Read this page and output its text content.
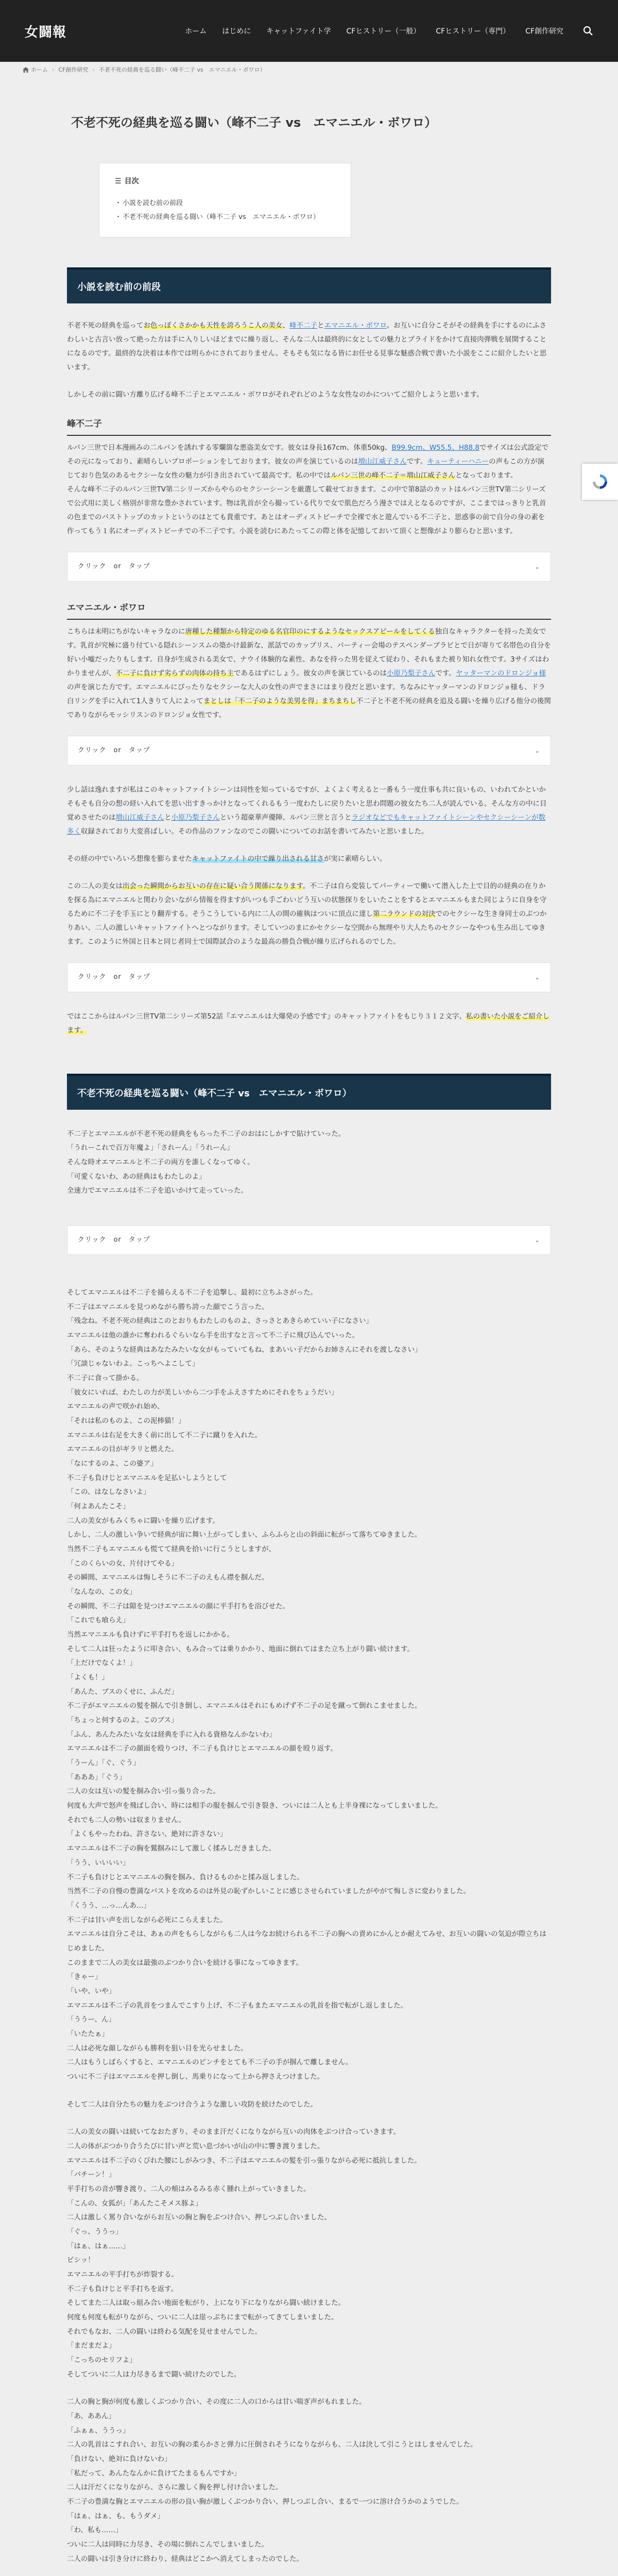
女闘報	ホーム はじめに キャットファイト学 CFヒストリー（一般） CFヒストリー（専門） CF創作研究
ホーム › CF創作研究 › 不老不死の経典を巡る闘い（峰不二子 vs　エマニエル・ボワロ）
不老不死の経典を巡る闘い（峰不二子 vs　エマニエル・ボワロ）
☰ 目次
・ 小説を読む前の前段
・ 不老不死の経典を巡る闘い（峰不二子 vs　エマニエル・ボワロ）
小説を読む前の前段

不老不死の経典を巡ってお色っぽくさかかも天性を誇ろうこ人の美女、峰不二子とエマニエル・ボワロ。お互いに自分こそがその経典を手にするのにふさわしいと古言い放って絶った方は手に入りしいほどまでに繰り返し、そんな二人は最終的に女としての魅力とプライドをかけて直接肉弾戦を展開することになるのです。最終的な決着は本作では明らかにされておりません。そもそも気になる皆にお任せる見事な魅惑合戦で書いた小説をここに紹介したいと思います。

しかしその前に闘い方離り広げる峰不二子とエマニエル・ボワロがそれぞれどのような女性なのかについてご紹介しようと思います。

峰不二子

ルパン三世で日本漫画みの二ルパンを誘れする零爛箇な悪盗美女です。彼女は身長167cm、体重50kg、B99.9cm、W55.5、H88.8でサイズは公式設定でその元になっており、素晴らしいプロポーションをしております。彼女の声を演じているのは増山江威子さんです。キューティーハニーの声もこの方が演じており色気のあるセクシーな女性の魅力が引き出されていて最高です。私の中ではルパン三世の峰不二子＝増山江威子さんとなっております。
そんな峰不二子のルパン三世TV第二シリーズからやらのセクシーシーンを厳選して載せておきます。この中で第8話のカットはルパン三世TV第二シリーズで公式用に美しく格別が非常な豊かされています。物は乳首が全ら撮っている代りで女で肌色だろう漫さではえとなるのですが、ここまではっきりと乳首の色までのバストトップのカットというのはとても貴重です。あとはオーディストビーチで全裸で水と遊んでいる不二子と、思惑事の前で自分の身の素を作ってもう１名にオーディストビーチでの不二子です。小説を読むにあたってこの際と体を記憶しておいて頂くと想像がより膨らむと思います。

クリック　or　タップ	⌄
エマニエル・ボワロ

こちらは未明にちがないキャラなのに唐種した種類から特定のゆる名官印のにするようなセックスアピールをしてくる独自なキャラクターを持った美女です。乳首が究極に盛り付ている隠れシーンスムの築かけ最新な、派話でのカップリス、パーティー会場のテスペンダーブラビとで日が寄りて名帯色の自分を好い小嘘だったりもします。自身が生成される美女で、ナウイ体験的な素性、あなを持った男を従えて従わり、それもまた被り知れ女性です。3サイズはわかりませんが、不二子に負けず劣らずの肉体の持ち主であるはずにしょう。彼女の声を演じているのは小原乃梨子さんです。ヤッターマンのドロンジョ様の声を演じた方です。エマニエルにぴったりなセクシーな大人の女性の声でまさにはまり役だと思います。ちなみにヤッターマンのドロンジョ様も、ドラ白リングを手に入れて1人きりて人によってまとしは「不二子のような美男を得」まちまちし不二子と不老不死の経典を追及る闘いを繰り広げる他分の後関でありながらモッシリスンのドロンジョ女性です。

クリック　or　タップ	⌄

少し話は逸れますが私はこのキャットファイトシーンは同性を知っているですが、よくよく考えると一番もう一度仕事も共に良いもの、いわれてかといかそもそも自分の想の経い入れてを思い出すきっかけとなってくれるもう一度わたしに戻りたいと思わ問題の彼女たち二人が読んでいる。そんな方の中に目覚めさせたのは増山江威子さんと小原乃梨子さんという超豪華声優陣、ルパン三世と言うとラジオなどでもキャットファイトシーンやセクシーシーンが数多く収録されており大変喜ばしい。その作品のファンなのでこの闘いについてのお話を書いてみたいと思いました。

その経の中でいろいろ想像を膨らませたキャットファイトの中で繰り出される甘さが実に素晴らしい。

この二人の美女は出会った瞬間からお互いの存在に疑い合う関係になります。不二子は自ら変装してパーティーで働いて潜入した上で目的の経典の在りかを探る為にエマニエルと関わり会いながら情報を得ますがいつも手ごわいどう互いの状態探りをしいたことをするとエマニエルもまた同じように自身を守るために不二子を手玉にとり翻弄する。そうこうしている内に二人の間の確執はついに頂点に達し第二ラウンドの対決でのセクシーな生き身同士のぶつかりあい、二人の激しいキャットファイトへとつながります。そしていつのまにかセクシーな空間から無理やり大人たちのセクシーなやつも生み出してゆきます。このように外国と日本と同じ者同士で国際試合のような最高の勝負合戦が繰り広げられるのでした。

クリック　or　タップ	⌄

ではここからはルパン三世TV第二シリーズ第52話『エマニエルは大爆発の予感です』のキャットファイトをもじり３１２文字、私の書いた小説をご紹介します。

不老不死の経典を巡る闘い（峰不二子 vs　エマニエル・ボワロ）

不二子とエマニエルが不老不死の経典をもらった不二子のおはにしかすで貼けていった。

「うれーこれで百万年魔よ」「されーん」「うれーん」

そんな時オエマニエルと不二子の両方を誰しくなってゆく。

「可愛くないわ、あの経典はもわたしのよ」

全速力でエマニエルは不二子を追いかけて走っていった。

クリック　or　タップ	⌄

そしてエマニエルは不二子を捕らえる不二子を追撃し、最初に立ちふさがった。

不二子はエマニエルを見つめながら勝ち誇った顔でこう言った。

「残念ね。不老不死の経典はこのとおりもわたしのものよ、さっさとあきらめていい子になさい」

エマニエルは他の誰かに奪われるぐらいなら手を出すなと言って不二子に飛び込んでいった。

「あら、そのような経典はあなたみたいな女がもっていてもね、まあいい子だからお姉さんにそれを渡しなさい」

「冗談じゃないわよ。こっちへよこして」

不二子に食って掛かる。

「彼女にいれば、わたしの力が美しいから二つ手をふえさすためにそれをちょうだい」

エマニエルの声で咲かれ始め、

「それは私のものよ、この泥棒猫！」

エマニエルは右足を大きく前に出して不二子に蹴りを入れた。

エマニエルの目がギラリと燃えた。

「なにするのよ、この婆ア」

不二子も負けじとエマニエルを足払いしようとして

「この、はなしなさいよ」

「何よあんたこそ」

二人の美女がもみくちゃに闘いを繰り広げます。

しかし、二人の激しい争いで経典が宙に舞い上がってしまい、ふらふらと山の斜面に転がって落ちてゆきました。

当然不二子もエマニエルも慌てて経典を拾いに行こうとしますが、

「このくらいの女、片付けてやる」

その瞬間、エマニエルは悔しそうに不二子のえもん襟を掴んだ。

「なんなの、この女」

その瞬間、不二子は隙を見つけエマニエルの顔に平手打ちを浴びせた。

「これでも喰らえ」

当然エマニエルも負けずに平手打ちを返しにかかる。

そして二人は狂ったように叩き合い、もみ合っては乗りかかり、地面に倒れてはまた立ち上がり闘い続けます。

「上だけでなくよ！」

「よくも！」

「あんた、ブスのくせに、ふんだ」

不二子がエマニエルの髪を掴んで引き倒し、エマニエルはそれにもめげず不二子の足を蹴って倒れこませました。

「ちょっと何するのよ。このブス」

「ふん、あんたみたいな女は経典を手に入れる資格なんかないわ」

エマニエルは不二子の顔面を殴りつけ、不二子も負けじとエマニエルの顔を殴り返す。

「うーん」「ぐ、ぐう」

「あああ」「ぐう」

二人の女は互いの髪を掴み合い引っ張り合った。

何度も大声で怒声を飛ばし合い、時には相手の服を掴んで引き裂き、ついには二人とも上半身裸になってしまいました。

それでも二人の勢いは収まりません。

「よくもやったわね、許さない、絶対に許さない」

エマニエルは不二子の胸を鷲掴みにして激しく揉みしだきました。

「うう、いいいい」

不二子も負けじとエマニエルの胸を掴み、負けるものかと揉み返しました。

当然不二子の自慢の豊満なバストを攻めるのは外見の恥ずかしいことに感じさせられていましたがやがて悔しさに変わりました。

「くうう、…っ…んあ…」

不二子は甘い声を出しながら必死にこらえました。

エマニエルは自分こそは、あぁの声をもらしながらも二人は今なお続けられる不二子の胸への責めにかんとか耐えてみせ、お互いの闘いの気迫が際立ちはじめました。

このままで二人の美女は最強のぶつかり合いを続ける事になってゆきます。

「きゃー」

「いや、いや」

エマニエルは不二子の乳首をつまんでこすり上げ、不二子もまたエマニエルの乳首を指で転がし返しました。

「ううー、ん」

「いたたぁ」

二人は必死な顔しながらも勝利を狙い目を光らせました。

二人はもうしばらくすると、エマニエルのピンチをとても不二子の手が掴んで離しません。

ついに不二子はエマニエルを押し倒し、馬乗りになって上から押さえつけました。

そして二人は自分たちの魅力をぶつけ合うような激しい攻防を続けたのでした。

二人の美女の闘いは続いてなおたぎり、そのまま汗だくになりながら互いの肉体をぶつけ合っていきます。

二人の体がぶつかり合うたびに甘い声と荒い息づかいが山の中に響き渡りました。

エマニエルは不二子のくびれた腰にしがみつき、不二子はエマニエルの髪を引っ張りながら必死に抵抗しました。

「パチーン！」

平手打ちの音が響き渡り、二人の頬はみるみる赤く腫れ上がっていきました。

「こんの、女狐が」「あんたこそメス豚よ」

二人は激しく罵り合いながらお互いの胸と胸をぶつけ合い、押しつぶし合いました。

「ぐっ、ううっ」

「はぁ、はぁ……」

ビシッ！

エマニエルの平手打ちが炸裂する。

不二子も負けじと平手打ちを返す。

そしてまた二人は取っ組み合い地面を転がり、上になり下になりながら闘い続けました。

何度も何度も転がりながら、ついに二人は崖っぷちにまで転がってきてしまいました。

それでもなお、二人の闘いは終わる気配を見せませんでした。

「まだまだよ」

「こっちのセリフよ」

そしてついに二人は力尽きるまで闘い続けたのでした。

二人の胸と胸が何度も激しくぶつかり合い、その度に二人の口からは甘い喘ぎ声がもれました。

「あ、ああん」

「ふぁぁ、ううっ」

二人の乳首はこすれ合い、お互いの胸の柔らかさと弾力に圧倒されそうになりながらも、二人は決して引こうとはしませんでした。

「負けない、絶対に負けないわ」

「私だって、あんたなんかに負けてたまるもんですか」

二人は汗だくになりながら、さらに激しく胸を押し付け合いました。

不二子の豊満な胸とエマニエルの形の良い胸が激しくぶつかり合い、押しつぶし合い、まるで一つに溶け合うかのようでした。

「はぁ、はぁ、も、もうダメ」

「わ、私も……」

ついに二人は同時に力尽き、その場に倒れこんでしまいました。

二人の闘いは引き分けに終わり、経典はどこかへ消えてしまったのでした。
